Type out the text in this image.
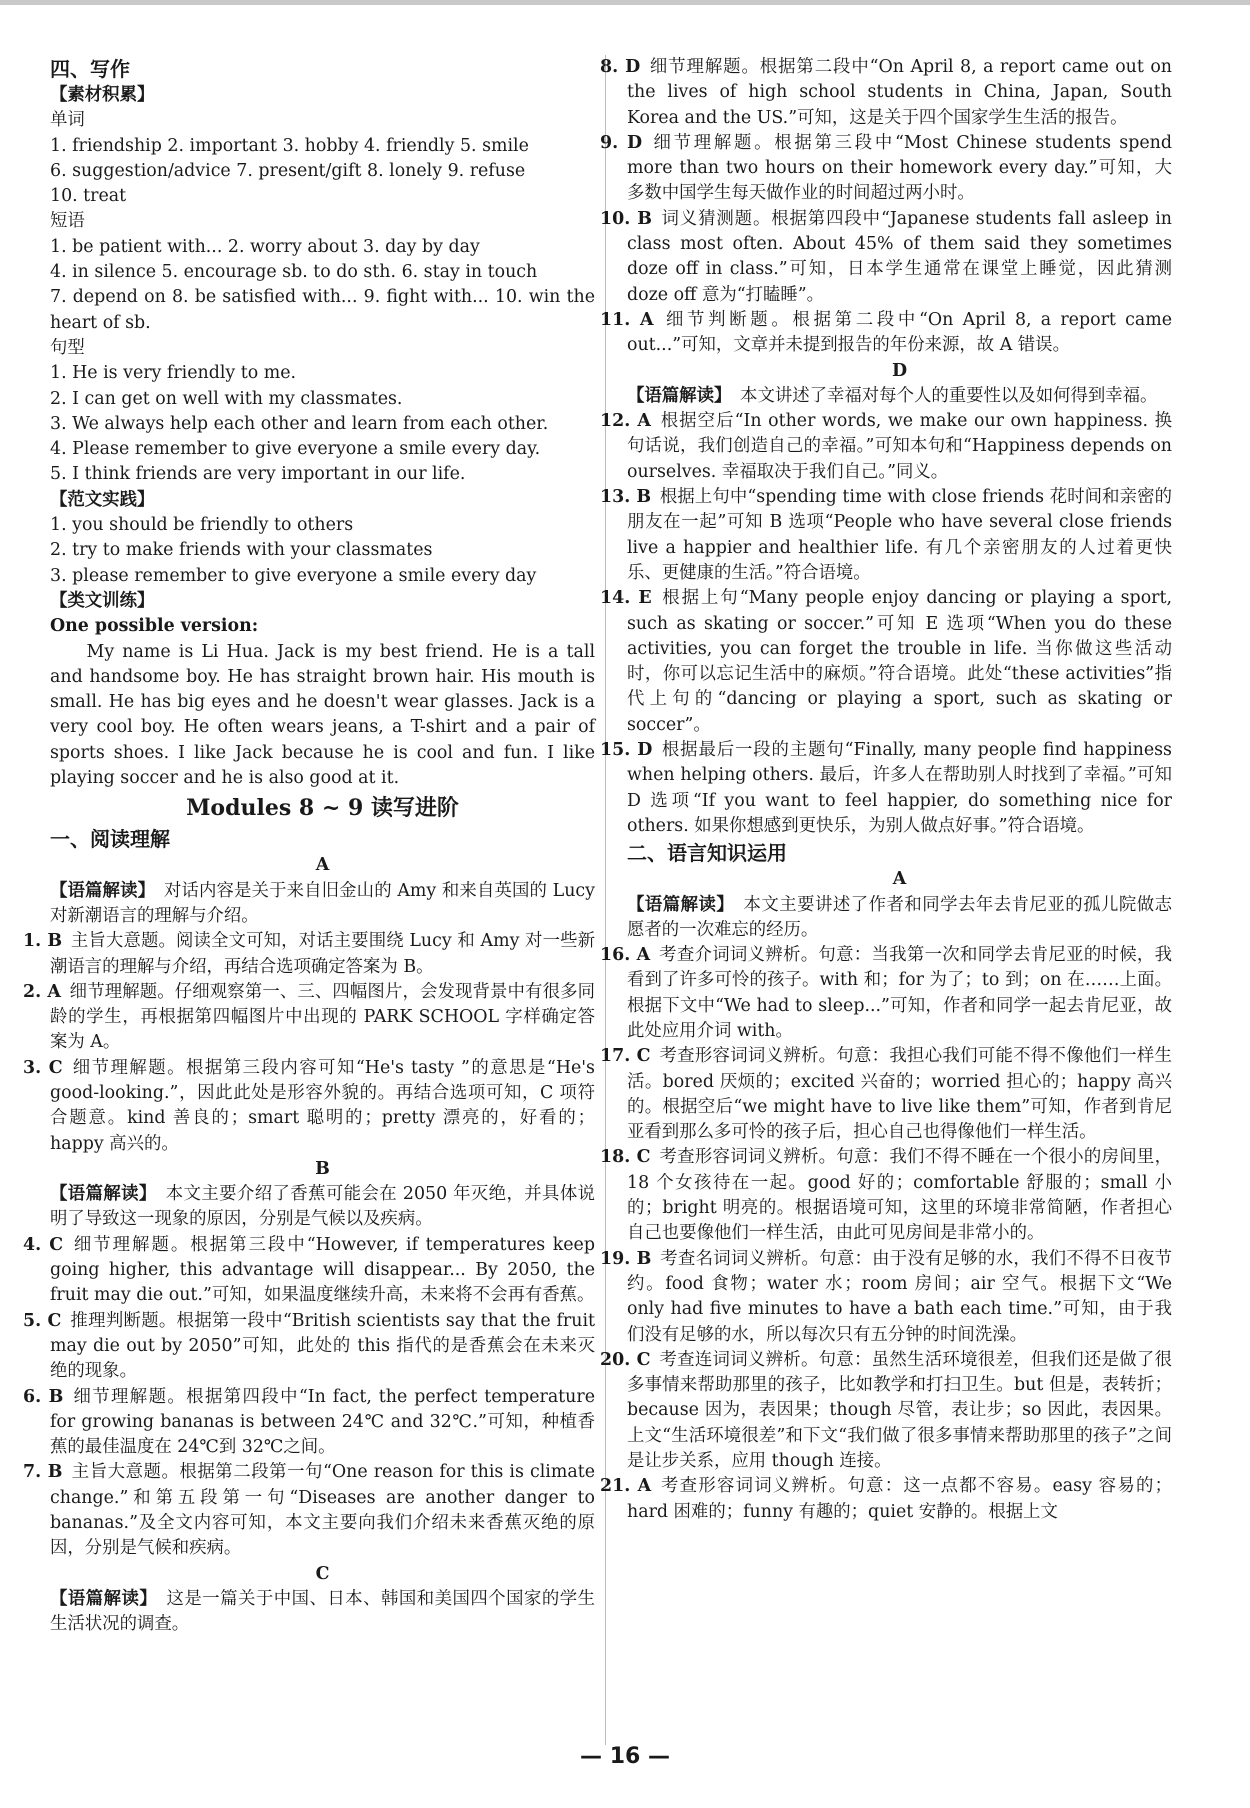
四、写作
【素材积累】
单词
1. friendship 2. important 3. hobby 4. friendly 5. smile
6. suggestion/advice 7. present/gift 8. lonely 9. refuse
10. treat
短语
1. be patient with... 2. worry about 3. day by day
4. in silence 5. encourage sb. to do sth. 6. stay in touch
7. depend on 8. be satisfied with... 9. fight with... 10. win the heart of sb.
句型
1. He is very friendly to me.
2. I can get on well with my classmates.
3. We always help each other and learn from each other.
4. Please remember to give everyone a smile every day.
5. I think friends are very important in our life.
【范文实践】
1. you should be friendly to others
2. try to make friends with your classmates
3. please remember to give everyone a smile every day
【类文训练】
One possible version:
My name is Li Hua. Jack is my best friend. He is a tall and handsome boy. He has straight brown hair. His mouth is small. He has big eyes and he doesn't wear glasses. Jack is a very cool boy. He often wears jeans, a T-shirt and a pair of sports shoes. I like Jack because he is cool and fun. I like playing soccer and he is also good at it.
Modules 8 ~ 9 读写进阶
一、阅读理解
A
【语篇解读】 对话内容是关于来自旧金山的 Amy 和来自英国的 Lucy 对新潮语言的理解与介绍。
1. B 主旨大意题。阅读全文可知，对话主要围绕 Lucy 和 Amy 对一些新潮语言的理解与介绍，再结合选项确定答案为 B。
2. A 细节理解题。仔细观察第一、三、四幅图片，会发现背景中有很多同龄的学生，再根据第四幅图片中出现的 PARK SCHOOL 字样确定答案为 A。
3. C 细节理解题。根据第三段内容可知“He's tasty ”的意思是“He's good-looking.”，因此此处是形容外貌的。再结合选项可知，C 项符合题意。kind 善良的；smart 聪明的；pretty 漂亮的，好看的；happy 高兴的。
B
【语篇解读】 本文主要介绍了香蕉可能会在 2050 年灭绝，并具体说明了导致这一现象的原因，分别是气候以及疾病。
4. C 细节理解题。根据第三段中“However, if temperatures keep going higher, this advantage will disappear... By 2050, the fruit may die out.”可知，如果温度继续升高，未来将不会再有香蕉。
5. C 推理判断题。根据第一段中“British scientists say that the fruit may die out by 2050”可知，此处的 this 指代的是香蕉会在未来灭绝的现象。
6. B 细节理解题。根据第四段中“In fact, the perfect temperature for growing bananas is between 24℃ and 32℃.”可知，种植香蕉的最佳温度在 24℃到 32℃之间。
7. B 主旨大意题。根据第二段第一句“One reason for this is climate change.”和第五段第一句“Diseases are another danger to bananas.”及全文内容可知，本文主要向我们介绍未来香蕉灭绝的原因，分别是气候和疾病。
C
【语篇解读】 这是一篇关于中国、日本、韩国和美国四个国家的学生生活状况的调查。
8. D 细节理解题。根据第二段中“On April 8, a report came out on the lives of high school students in China, Japan, South Korea and the US.”可知，这是关于四个国家学生生活的报告。
9. D 细节理解题。根据第三段中“Most Chinese students spend more than two hours on their homework every day.”可知，大多数中国学生每天做作业的时间超过两小时。
10. B 词义猜测题。根据第四段中“Japanese students fall asleep in class most often. About 45% of them said they sometimes doze off in class.”可知，日本学生通常在课堂上睡觉，因此猜测 doze off 意为“打瞌睡”。
11. A 细节判断题。根据第二段中“On April 8, a report came out...”可知，文章并未提到报告的年份来源，故 A 错误。
D
【语篇解读】 本文讲述了幸福对每个人的重要性以及如何得到幸福。
12. A 根据空后“In other words, we make our own happiness. 换句话说，我们创造自己的幸福。”可知本句和“Happiness depends on ourselves. 幸福取决于我们自己。”同义。
13. B 根据上句中“spending time with close friends 花时间和亲密的朋友在一起”可知 B 选项“People who have several close friends live a happier and healthier life. 有几个亲密朋友的人过着更快乐、更健康的生活。”符合语境。
14. E 根据上句“Many people enjoy dancing or playing a sport, such as skating or soccer.”可知 E 选项“When you do these activities, you can forget the trouble in life. 当你做这些活动时，你可以忘记生活中的麻烦。”符合语境。此处“these activities”指代上句的“dancing or playing a sport, such as skating or soccer”。
15. D 根据最后一段的主题句“Finally, many people find happiness when helping others. 最后，许多人在帮助别人时找到了幸福。”可知 D 选项“If you want to feel happier, do something nice for others. 如果你想感到更快乐，为别人做点好事。”符合语境。
二、语言知识运用
A
【语篇解读】 本文主要讲述了作者和同学去年去肯尼亚的孤儿院做志愿者的一次难忘的经历。
16. A 考查介词词义辨析。句意：当我第一次和同学去肯尼亚的时候，我看到了许多可怜的孩子。with 和；for 为了；to 到；on 在……上面。根据下文中“We had to sleep...”可知，作者和同学一起去肯尼亚，故此处应用介词 with。
17. C 考查形容词词义辨析。句意：我担心我们可能不得不像他们一样生活。bored 厌烦的；excited 兴奋的；worried 担心的；happy 高兴的。根据空后“we might have to live like them”可知，作者到肯尼亚看到那么多可怜的孩子后，担心自己也得像他们一样生活。
18. C 考查形容词词义辨析。句意：我们不得不睡在一个很小的房间里，18 个女孩待在一起。good 好的；comfortable 舒服的；small 小的；bright 明亮的。根据语境可知，这里的环境非常简陋，作者担心自己也要像他们一样生活，由此可见房间是非常小的。
19. B 考查名词词义辨析。句意：由于没有足够的水，我们不得不日夜节约。food 食物；water 水；room 房间；air 空气。根据下文“We only had five minutes to have a bath each time.”可知，由于我们没有足够的水，所以每次只有五分钟的时间洗澡。
20. C 考查连词词义辨析。句意：虽然生活环境很差，但我们还是做了很多事情来帮助那里的孩子，比如教学和打扫卫生。but 但是，表转折；because 因为，表因果；though 尽管，表让步；so 因此，表因果。上文“生活环境很差”和下文“我们做了很多事情来帮助那里的孩子”之间是让步关系，应用 though 连接。
21. A 考查形容词词义辨析。句意：这一点都不容易。easy 容易的；hard 困难的；funny 有趣的；quiet 安静的。根据上文
— 16 —
